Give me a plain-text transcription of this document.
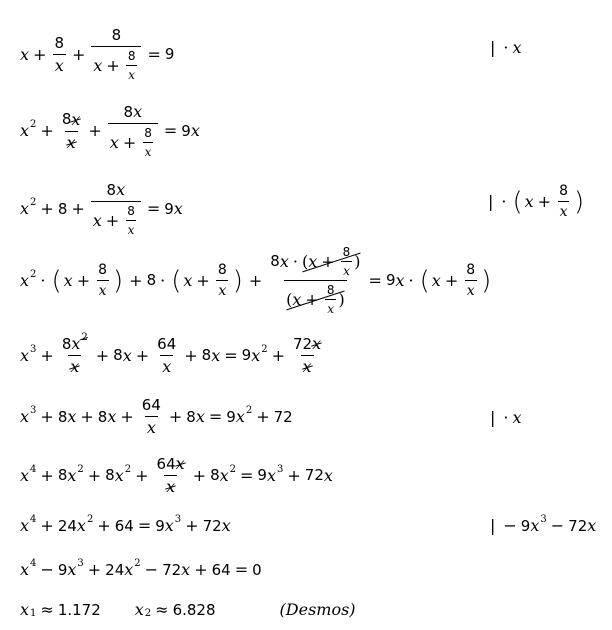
$x + \frac{8}{x} + \frac{8}{x + \frac{8}{x}} = 9$	| · x
x $2 + \frac{8 x}{x} + \frac{8 x}{x + \frac{8}{x}} = 9$ x
x $2 + 8 + \frac{8 x}{x + \frac{8}{x}} = 9$ x	| · ( $x + \frac{8}{x}$ )
x 2 · ( $x + \frac{8}{x}$ ) + 8 · ( $x + \frac{8}{x}$ ) + $\frac{8 x \cdot ( x + \frac{8}{x} )}{( x + \frac{8}{x} )} = 9$ x · ( $x + \frac{8}{x}$ )
x $3 + \frac{8 x 2}{x} + 8$ $x + \frac{64}{x} + 8$ x = 9 x $2 + \frac{72 x}{x}$
x 3 + 8 x + 8 $x + \frac{64}{x} + 8$ x = 9 x 2 + 72	| · x
x 4 + 8 x 2 + 8 x $2 + \frac{64 x}{x} + 8$ x 2 = 9 x 3 + 72 x
x 4 + 24 x 2 + 64 = 9 x 3 + 72 x	| − 9 x 3 − 72 x
x 4 − 9 x 3 + 24 x 2 − 72 x + 64 = 0
x 1 ≈ 1.172 x 2 ≈ 6.828	(Desmos)
